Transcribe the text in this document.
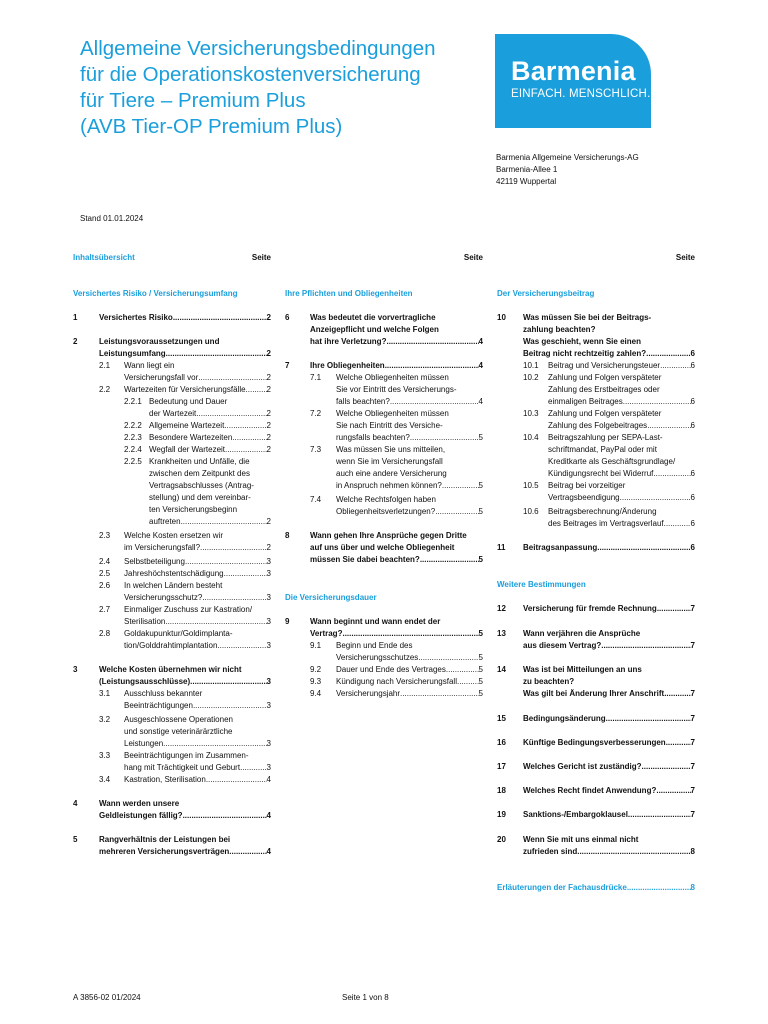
Allgemeine Versicherungsbedingungen
für die Operationskostenversicherung
für Tiere – Premium Plus
(AVB Tier-OP Premium Plus)
Barmenia
EINFACH. MENSCHLICH.
Barmenia Allgemeine Versicherungs-AG
Barmenia-Allee 1
42119 Wuppertal
Stand 01.01.2024
Inhaltsübersicht	Seite
Versichertes Risiko / Versicherungsumfang
1	Versichertes Risiko .....	2
2	Leistungsvoraussetzungen und
Leistungsumfang .....	2
2.1 Wann liegt ein
Versicherungsfall vor .....	2
2.2 Wartezeiten für Versicherungsfälle .....	2
2.2.1 Bedeutung und Dauer
der Wartezeit .....	2
2.2.2 Allgemeine Wartezeit .....	2
2.2.3 Besondere Wartezeiten .....	2
2.2.4 Wegfall der Wartezeit .....	2
2.2.5 Krankheiten und Unfälle, die
zwischen dem Zeitpunkt des
Vertragsabschlusses (Antrag-
stellung) und dem vereinbar-
ten Versicherungsbeginn
auftreten .....	2
2.3 Welche Kosten ersetzen wir
im Versicherungsfall? .....	2
2.4 Selbstbeteiligung .....	3
2.5 Jahreshöchstentschädigung .....	3
2.6 In welchen Ländern besteht
Versicherungsschutz? .....	3
2.7 Einmaliger Zuschuss zur Kastration/
Sterilisation .....	3
2.8 Goldakupunktur/Goldimplanta-
tion/Golddrahtimplantation .....	3
3	Welche Kosten übernehmen wir nicht
(Leistungsausschlüsse) .....	3
3.1 Ausschluss bekannter
Beeinträchtigungen .....	3
3.2 Ausgeschlossene Operationen
und sonstige veterinärärztliche
Leistungen .....	3
3.3 Beeinträchtigungen im Zusammen-
hang mit Trächtigkeit und Geburt .....	3
3.4 Kastration, Sterilisation .....	4
4	Wann werden unsere
Geldleistungen fällig? .....	4
5	Rangverhältnis der Leistungen bei
mehreren Versicherungsverträgen .....	4
Seite
Ihre Pflichten und Obliegenheiten
6	Was bedeutet die vorvertragliche
Anzeigepflicht und welche Folgen
hat ihre Verletzung? .....	4
7	Ihre Obliegenheiten .....	4
7.1 Welche Obliegenheiten müssen
Sie vor Eintritt des Versicherungs-
falls beachten? .....	4
7.2 Welche Obliegenheiten müssen
Sie nach Eintritt des Versiche-
rungsfalls beachten? .....	5
7.3 Was müssen Sie uns mitteilen,
wenn Sie im Versicherungsfall
auch eine andere Versicherung
in Anspruch nehmen können? .....	5
7.4 Welche Rechtsfolgen haben
Obliegenheitsverletzungen? .....	5
8	Wann gehen Ihre Ansprüche gegen Dritte
auf uns über und welche Obliegenheit
müssen Sie dabei beachten? .....	5
Die Versicherungsdauer
9	Wann beginnt und wann endet der
Vertrag? .....	5
9.1 Beginn und Ende des
Versicherungsschutzes .....	5
9.2 Dauer und Ende des Vertrages .....	5
9.3 Kündigung nach Versicherungsfall .....	5
9.4 Versicherungsjahr .....	5
Seite
Der Versicherungsbeitrag
10 Was müssen Sie bei der Beitrags-
zahlung beachten?
Was geschieht, wenn Sie einen
Beitrag nicht rechtzeitig zahlen? .....	6
10.1 Beitrag und Versicherungsteuer .....	6
10.2 Zahlung und Folgen verspäteter
Zahlung des Erstbeitrages oder
einmaligen Beitrages .....	6
10.3 Zahlung und Folgen verspäteter
Zahlung des Folgebeitrages .....	6
10.4 Beitragszahlung per SEPA-Last-
schriftmandat, PayPal oder mit
Kreditkarte als Geschäftsgrundlage/
Kündigungsrecht bei Widerruf .....	6
10.5 Beitrag bei vorzeitiger
Vertragsbeendigung .....	6
10.6 Beitragsberechnung/Änderung
des Beitrages im Vertragsverlauf .....	6
11 Beitragsanpassung .....	6
Weitere Bestimmungen
12 Versicherung für fremde Rechnung .....	7
13 Wann verjähren die Ansprüche
aus diesem Vertrag? .....	7
14 Was ist bei Mitteilungen an uns
zu beachten?
Was gilt bei Änderung Ihrer Anschrift .....	7
15 Bedingungsänderung .....	7
16 Künftige Bedingungsverbesserungen .....	7
17 Welches Gericht ist zuständig? .....	7
18 Welches Recht findet Anwendung? .....	7
19 Sanktions-/Embargoklausel .....	7
20 Wenn Sie mit uns einmal nicht
zufrieden sind .....	8
Erläuterungen der Fachausdrücke .....	8
A 3856-02 01/2024	Seite 1 von 8
